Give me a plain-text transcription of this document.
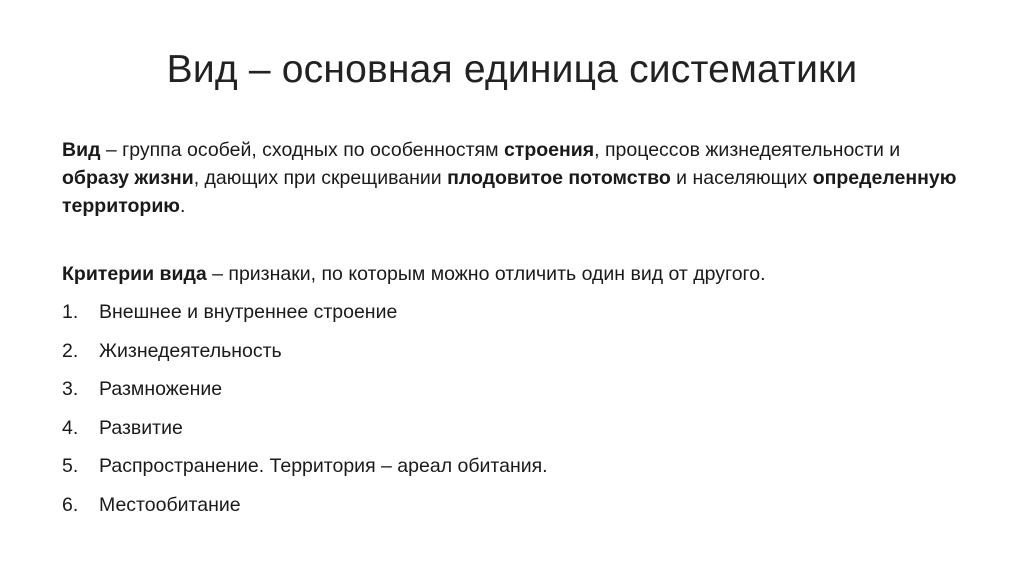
Вид – основная единица систематики

Вид – группа особей, сходных по особенностям строения, процессов жизнедеятельности и образу жизни, дающих при скрещивании плодовитое потомство и населяющих определенную территорию.

Критерии вида – признаки, по которым можно отличить один вид от другого.

1.	Внешнее и внутреннее строение
2.	Жизнедеятельность
3.	Размножение
4.	Развитие
5.	Распространение. Территория – ареал обитания.
6.	Местообитание
